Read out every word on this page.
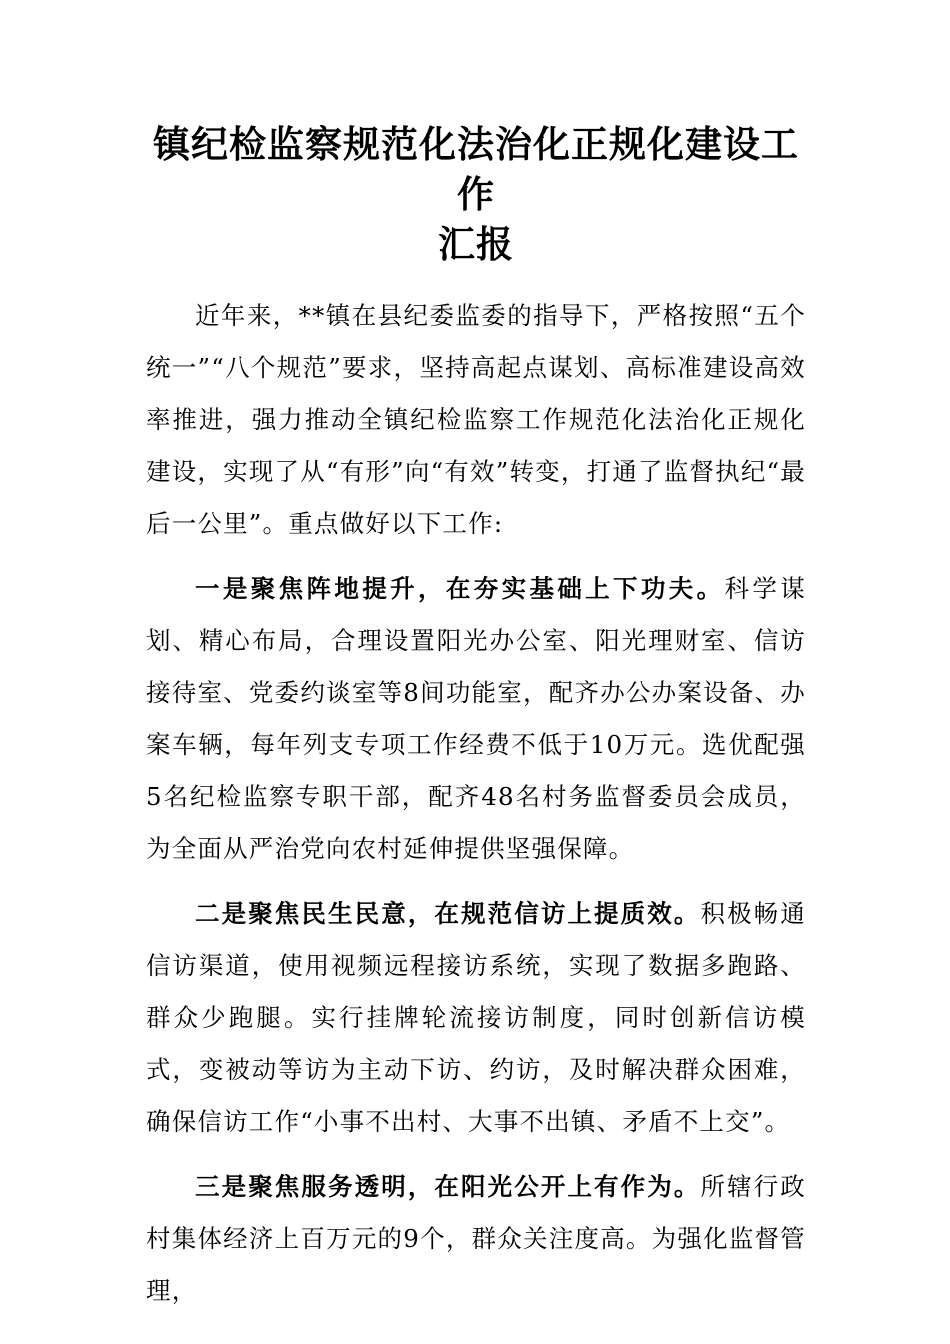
镇纪检监察规范化法治化正规化建设工作
汇报

近年来，**镇在县纪委监委的指导下，严格按照“五个统一”“八个规范”要求，坚持高起点谋划、高标准建设高效率推进，强力推动全镇纪检监察工作规范化法治化正规化建设，实现了从“有形”向“有效”转变，打通了监督执纪“最后一公里”。重点做好以下工作:

一是聚焦阵地提升，在夯实基础上下功夫。科学谋划、精心布局，合理设置阳光办公室、阳光理财室、信访接待室、党委约谈室等8间功能室，配齐办公办案设备、办案车辆，每年列支专项工作经费不低于10万元。选优配强5名纪检监察专职干部，配齐48名村务监督委员会成员，为全面从严治党向农村延伸提供坚强保障。

二是聚焦民生民意，在规范信访上提质效。积极畅通信访渠道，使用视频远程接访系统，实现了数据多跑路、群众少跑腿。实行挂牌轮流接访制度，同时创新信访模式，变被动等访为主动下访、约访，及时解决群众困难，确保信访工作“小事不出村、大事不出镇、矛盾不上交”。

三是聚焦服务透明，在阳光公开上有作为。所辖行政村集体经济上百万元的9个，群众关注度高。为强化监督管理，
